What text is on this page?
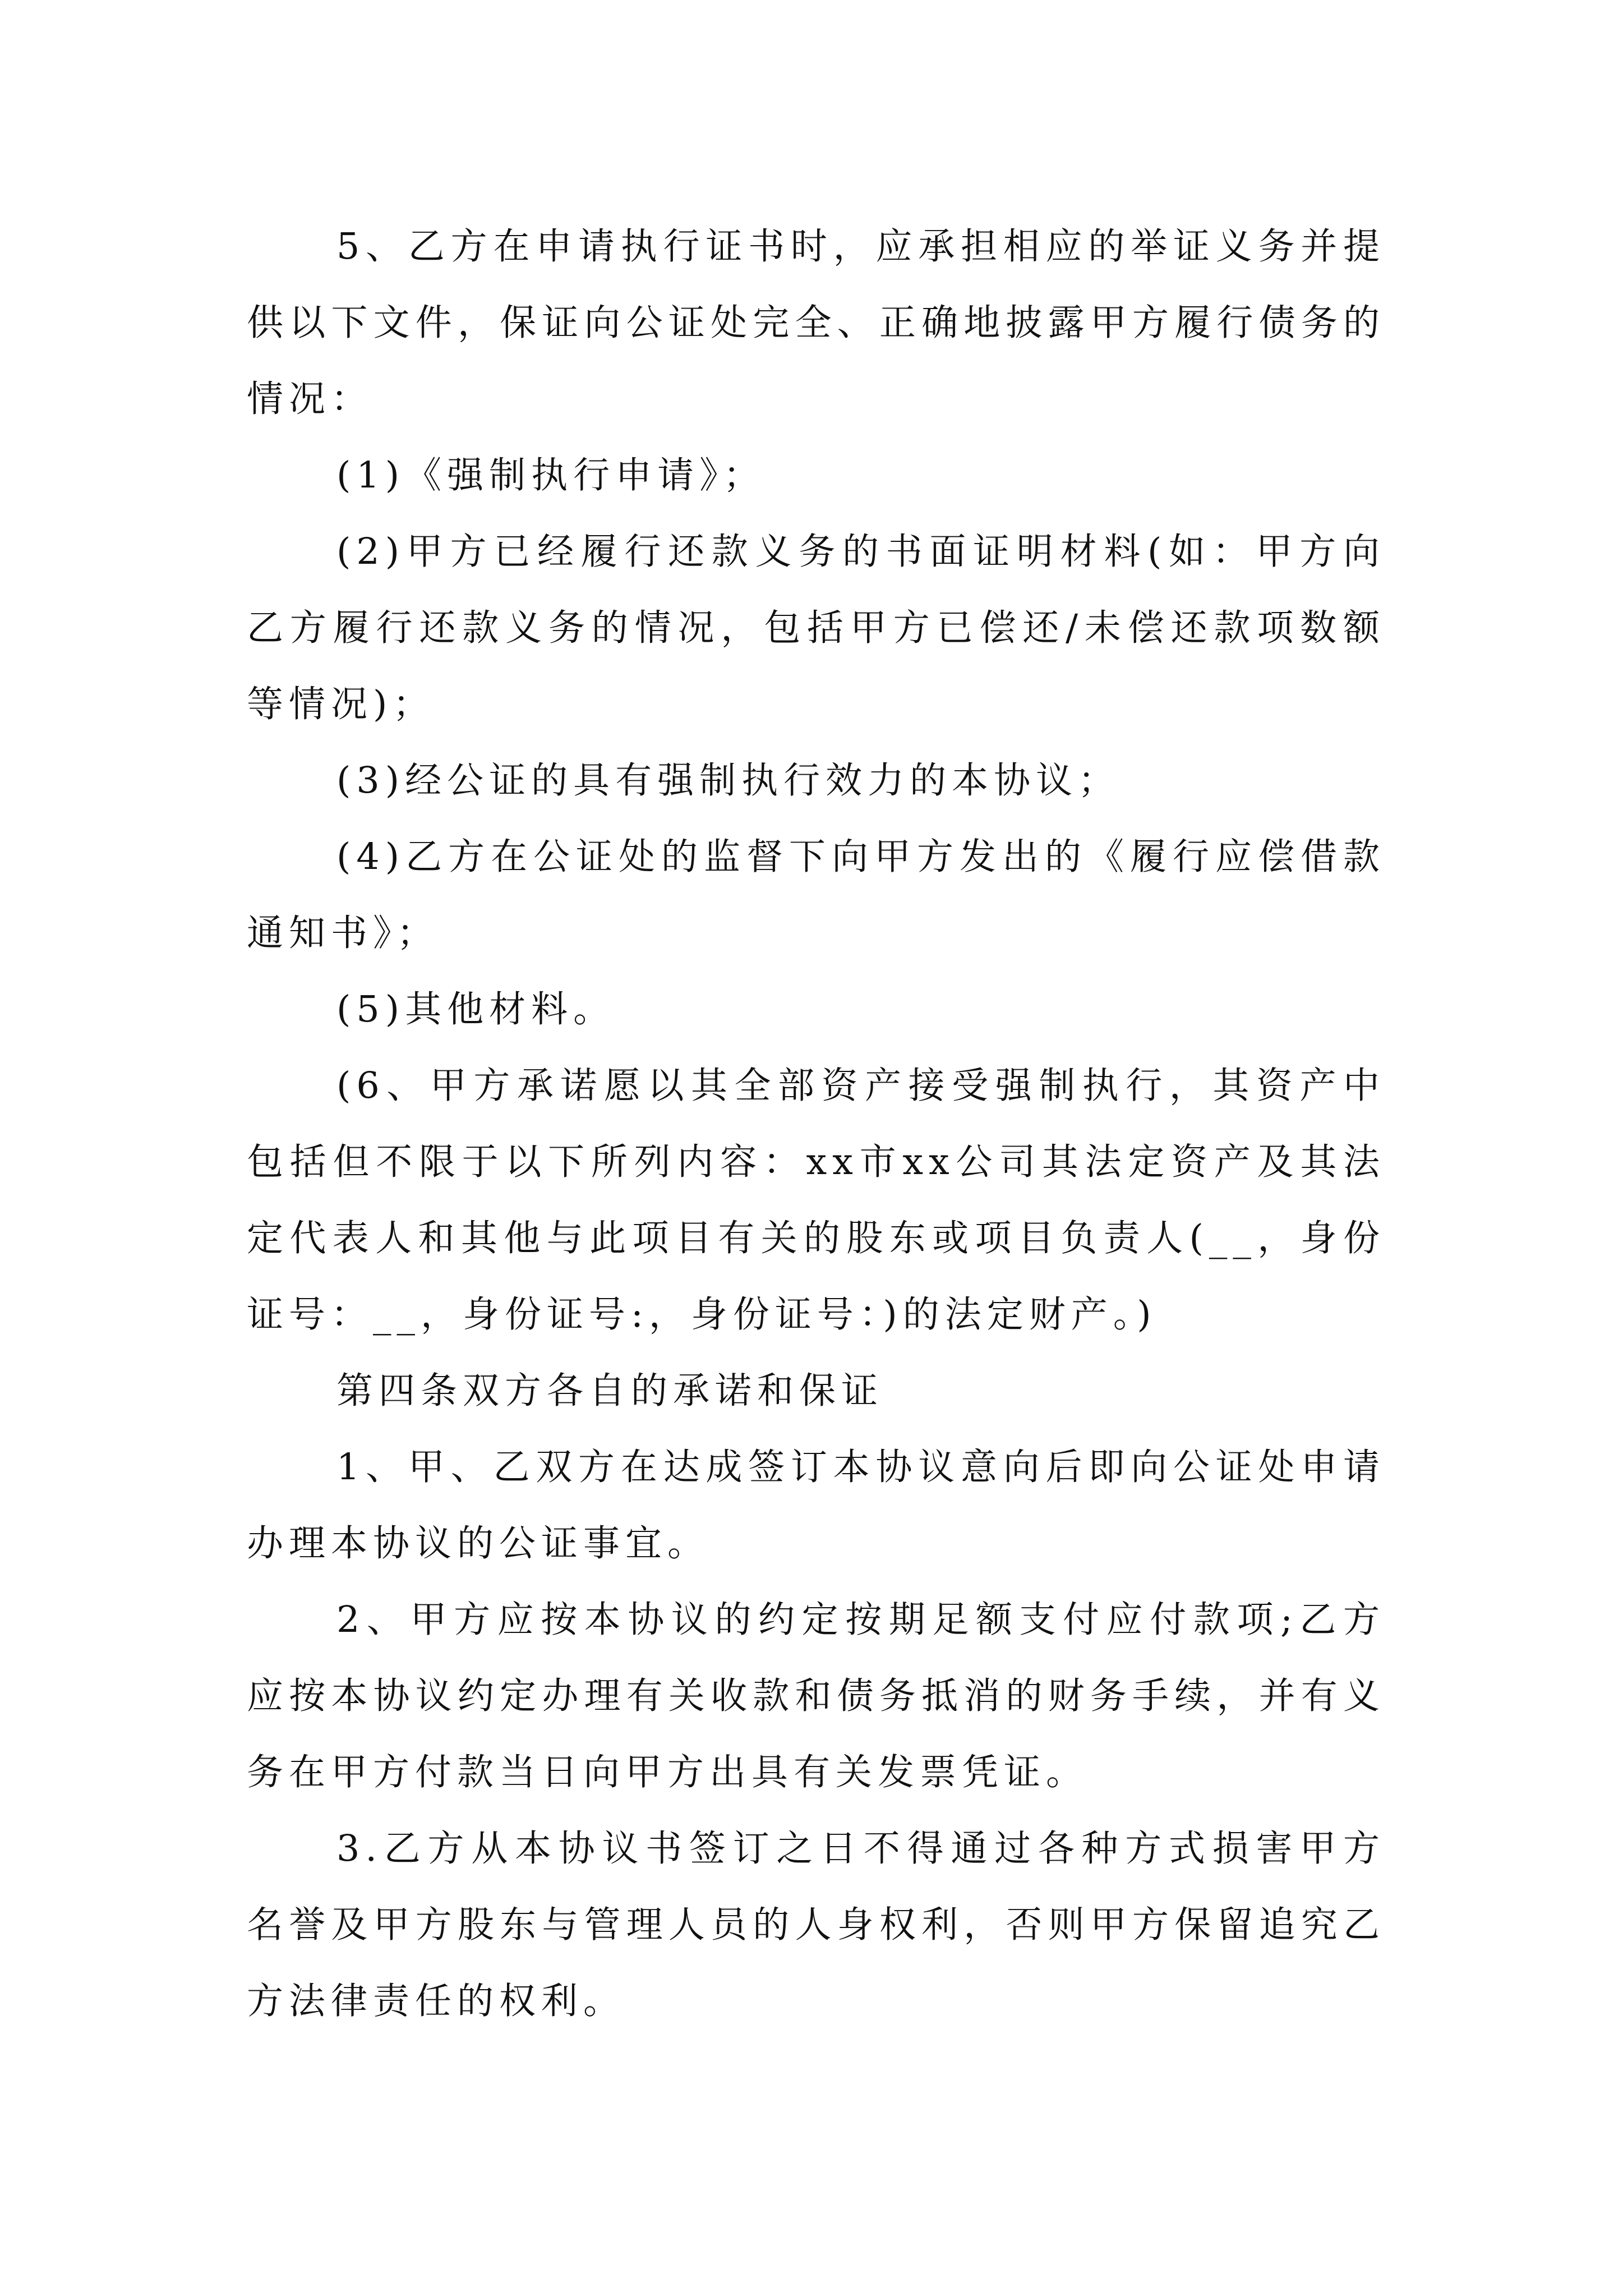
5、乙方在申请执行证书时，应承担相应的举证义务并提供以下文件，保证向公证处完全、正确地披露甲方履行债务的情况：

(1)《强制执行申请》；

(2)甲方已经履行还款义务的书面证明材料(如：甲方向乙方履行还款义务的情况，包括甲方已偿还/未偿还款项数额等情况)；

(3)经公证的具有强制执行效力的本协议；

(4)乙方在公证处的监督下向甲方发出的《履行应偿借款通知书》；

(5)其他材料。

(6、甲方承诺愿以其全部资产接受强制执行，其资产中包括但不限于以下所列内容：xx市xx公司其法定资产及其法定代表人和其他与此项目有关的股东或项目负责人(__，身份证号：__，身份证号:，身份证号：)的法定财产。)

第四条双方各自的承诺和保证

1、甲、乙双方在达成签订本协议意向后即向公证处申请办理本协议的公证事宜。

2、甲方应按本协议的约定按期足额支付应付款项;乙方应按本协议约定办理有关收款和债务抵消的财务手续，并有义务在甲方付款当日向甲方出具有关发票凭证。

3.乙方从本协议书签订之日不得通过各种方式损害甲方名誉及甲方股东与管理人员的人身权利，否则甲方保留追究乙方法律责任的权利。
